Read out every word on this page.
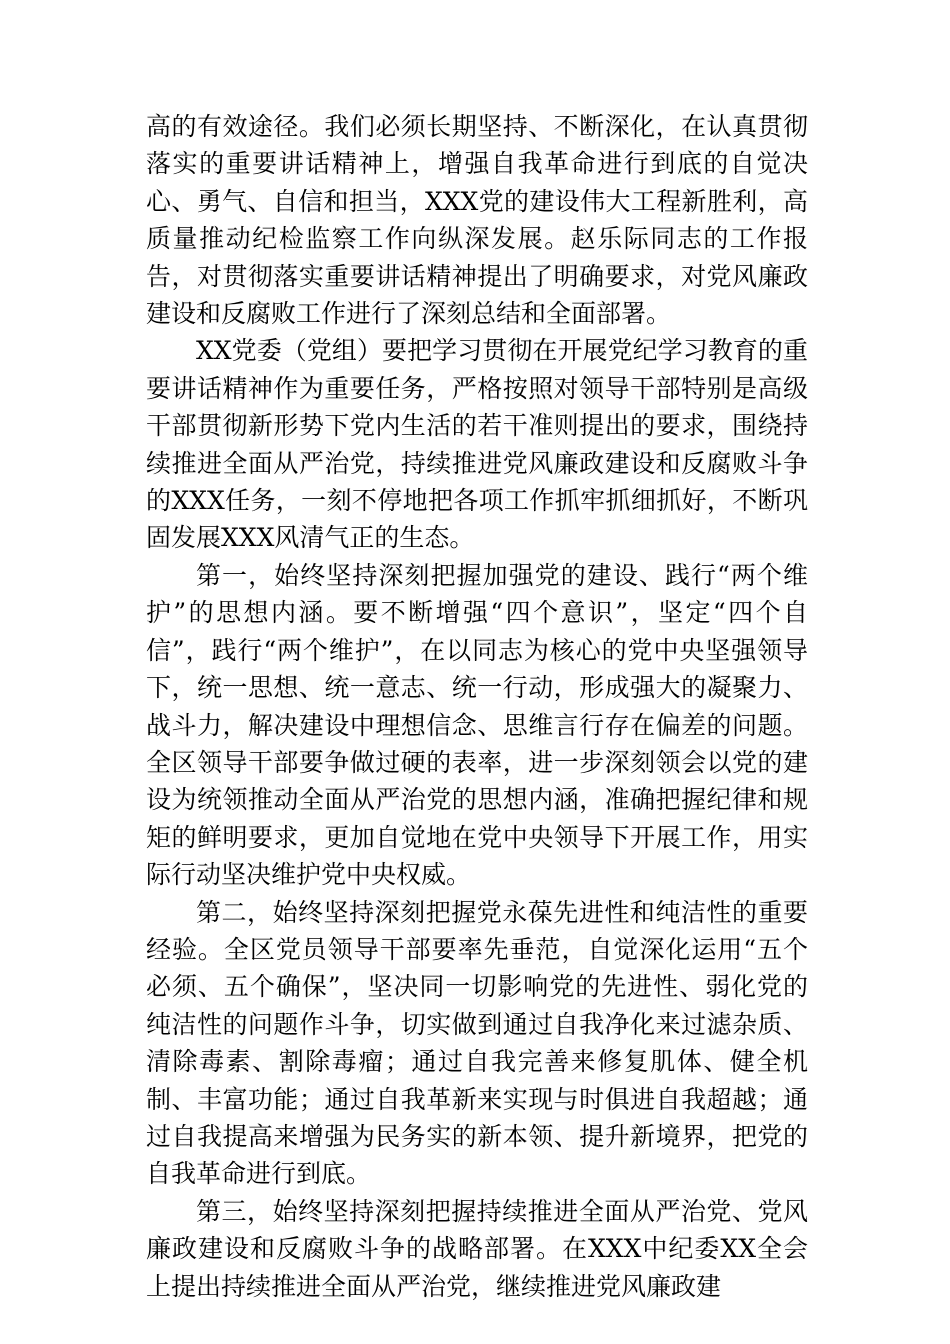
高的有效途径。我们必须长期坚持、不断深化，在认真贯彻落实的重要讲话精神上，增强自我革命进行到底的自觉决心、勇气、自信和担当，XXX党的建设伟大工程新胜利，高质量推动纪检监察工作向纵深发展。赵乐际同志的工作报告，对贯彻落实重要讲话精神提出了明确要求，对党风廉政建设和反腐败工作进行了深刻总结和全面部署。

XX党委（党组）要把学习贯彻在开展党纪学习教育的重要讲话精神作为重要任务，严格按照对领导干部特别是高级干部贯彻新形势下党内生活的若干准则提出的要求，围绕持续推进全面从严治党，持续推进党风廉政建设和反腐败斗争的XXX任务，一刻不停地把各项工作抓牢抓细抓好，不断巩固发展XXX风清气正的生态。

第一，始终坚持深刻把握加强党的建设、践行“两个维护”的思想内涵。要不断增强“四个意识”，坚定“四个自信”，践行“两个维护”，在以同志为核心的党中央坚强领导下，统一思想、统一意志、统一行动，形成强大的凝聚力、战斗力，解决建设中理想信念、思维言行存在偏差的问题。全区领导干部要争做过硬的表率，进一步深刻领会以党的建设为统领推动全面从严治党的思想内涵，准确把握纪律和规矩的鲜明要求，更加自觉地在党中央领导下开展工作，用实际行动坚决维护党中央权威。

第二，始终坚持深刻把握党永葆先进性和纯洁性的重要经验。全区党员领导干部要率先垂范，自觉深化运用“五个必须、五个确保”，坚决同一切影响党的先进性、弱化党的纯洁性的问题作斗争，切实做到通过自我净化来过滤杂质、清除毒素、割除毒瘤；通过自我完善来修复肌体、健全机制、丰富功能；通过自我革新来实现与时俱进自我超越；通过自我提高来增强为民务实的新本领、提升新境界，把党的自我革命进行到底。

第三，始终坚持深刻把握持续推进全面从严治党、党风廉政建设和反腐败斗争的战略部署。在XXX中纪委XX全会上提出持续推进全面从严治党，继续推进党风廉政建
